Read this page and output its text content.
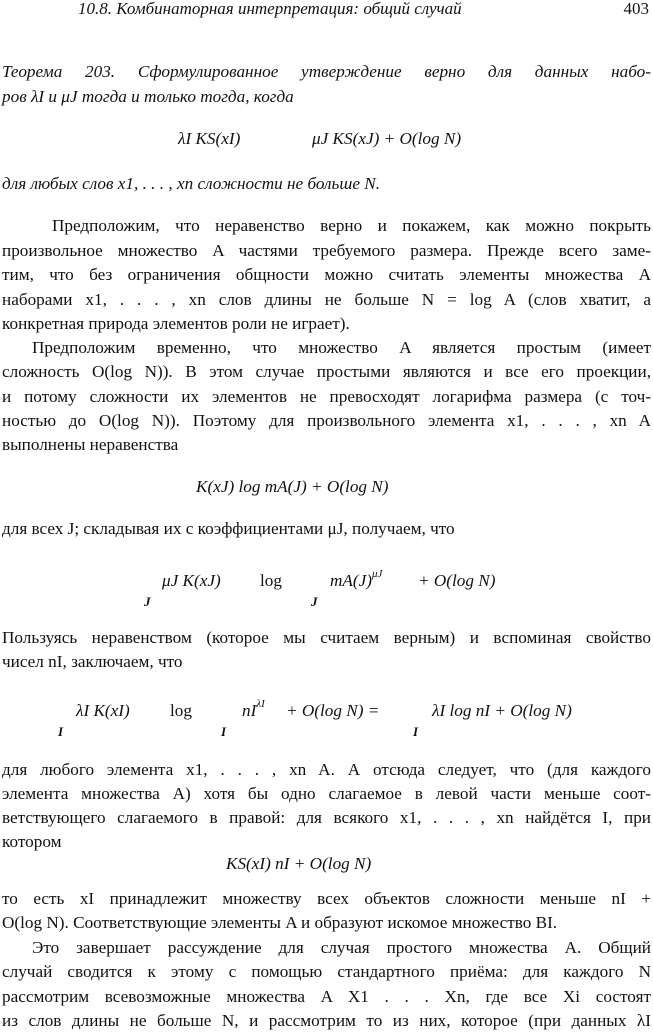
10.8. Комбинаторная интерпретация: общий случай	403
Теорема 203. Сформулированное утверждение верно для данных набо-
ров λI и μJ тогда и только тогда, когда
λI KS(xI)	μJ KS(xJ) + O(log N)
для любых слов x1, . . . , xn сложности не больше N.
Предположим, что неравенство верно и покажем, как можно покрыть
произвольное множество A частями требуемого размера. Прежде всего заме-
тим, что без ограничения общности можно считать элементы множества A
наборами x1, . . . , xn слов длины не больше N = log A (слов хватит, а
конкретная природа элементов роли не играет).
Предположим временно, что множество A является простым (имеет
сложность O(log N)). В этом случае простыми являются и все его проекции,
и потому сложности их элементов не превосходят логарифма размера (с точ-
ностью до O(log N)). Поэтому для произвольного элемента x1, . . . , xn A
выполнены неравенства
K(xJ) log mA(J) + O(log N)
для всех J; складывая их с коэффициентами μJ, получаем, что
μJ K(xJ) log	$mA(J)^{\mu J} + O(\log$ N)
J	J
Пользуясь неравенством (которое мы считаем верным) и вспоминая свойство
чисел nI, заключаем, что
λI K(xI) log	$nI^{\lambda I} + O(\log$ N) =	λI log nI + O(log N)
I	I	I
для любого элемента x1, . . . , xn A. А отсюда следует, что (для каждого
элемента множества A) хотя бы одно слагаемое в левой части меньше соот-
ветствующего слагаемого в правой: для всякого x1, . . . , xn найдётся I, при
котором
KS(xI) nI + O(log N)
то есть xI принадлежит множеству всех объектов сложности меньше nI +
O(log N). Соответствующие элементы A и образуют искомое множество BI.
Это завершает рассуждение для случая простого множества A. Общий
случай сводится к этому с помощью стандартного приёма: для каждого N
рассмотрим всевозможные множества A X1 . . . Xn, где все Xi состоят
из слов длины не больше N, и рассмотрим то из них, которое (при данных λI
